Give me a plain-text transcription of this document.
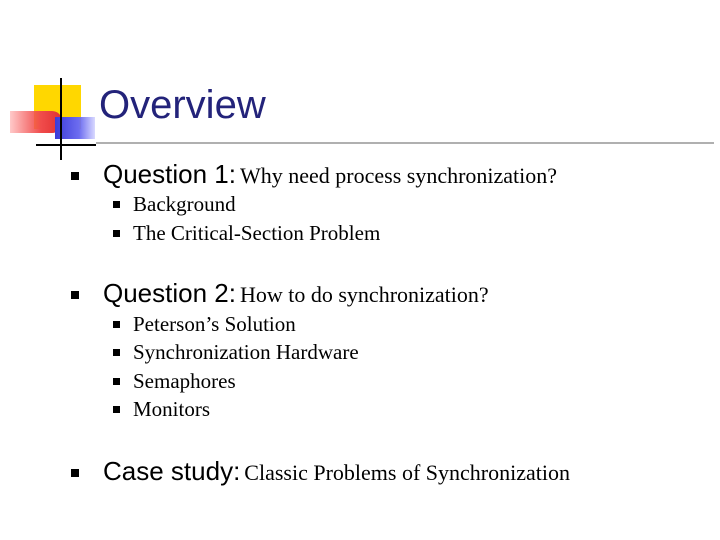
Overview
Question 1: Why need process synchronization?
Background
The Critical-Section Problem
Question 2: How to do synchronization?
Peterson’s Solution
Synchronization Hardware
Semaphores
Monitors
Case study: Classic Problems of Synchronization
